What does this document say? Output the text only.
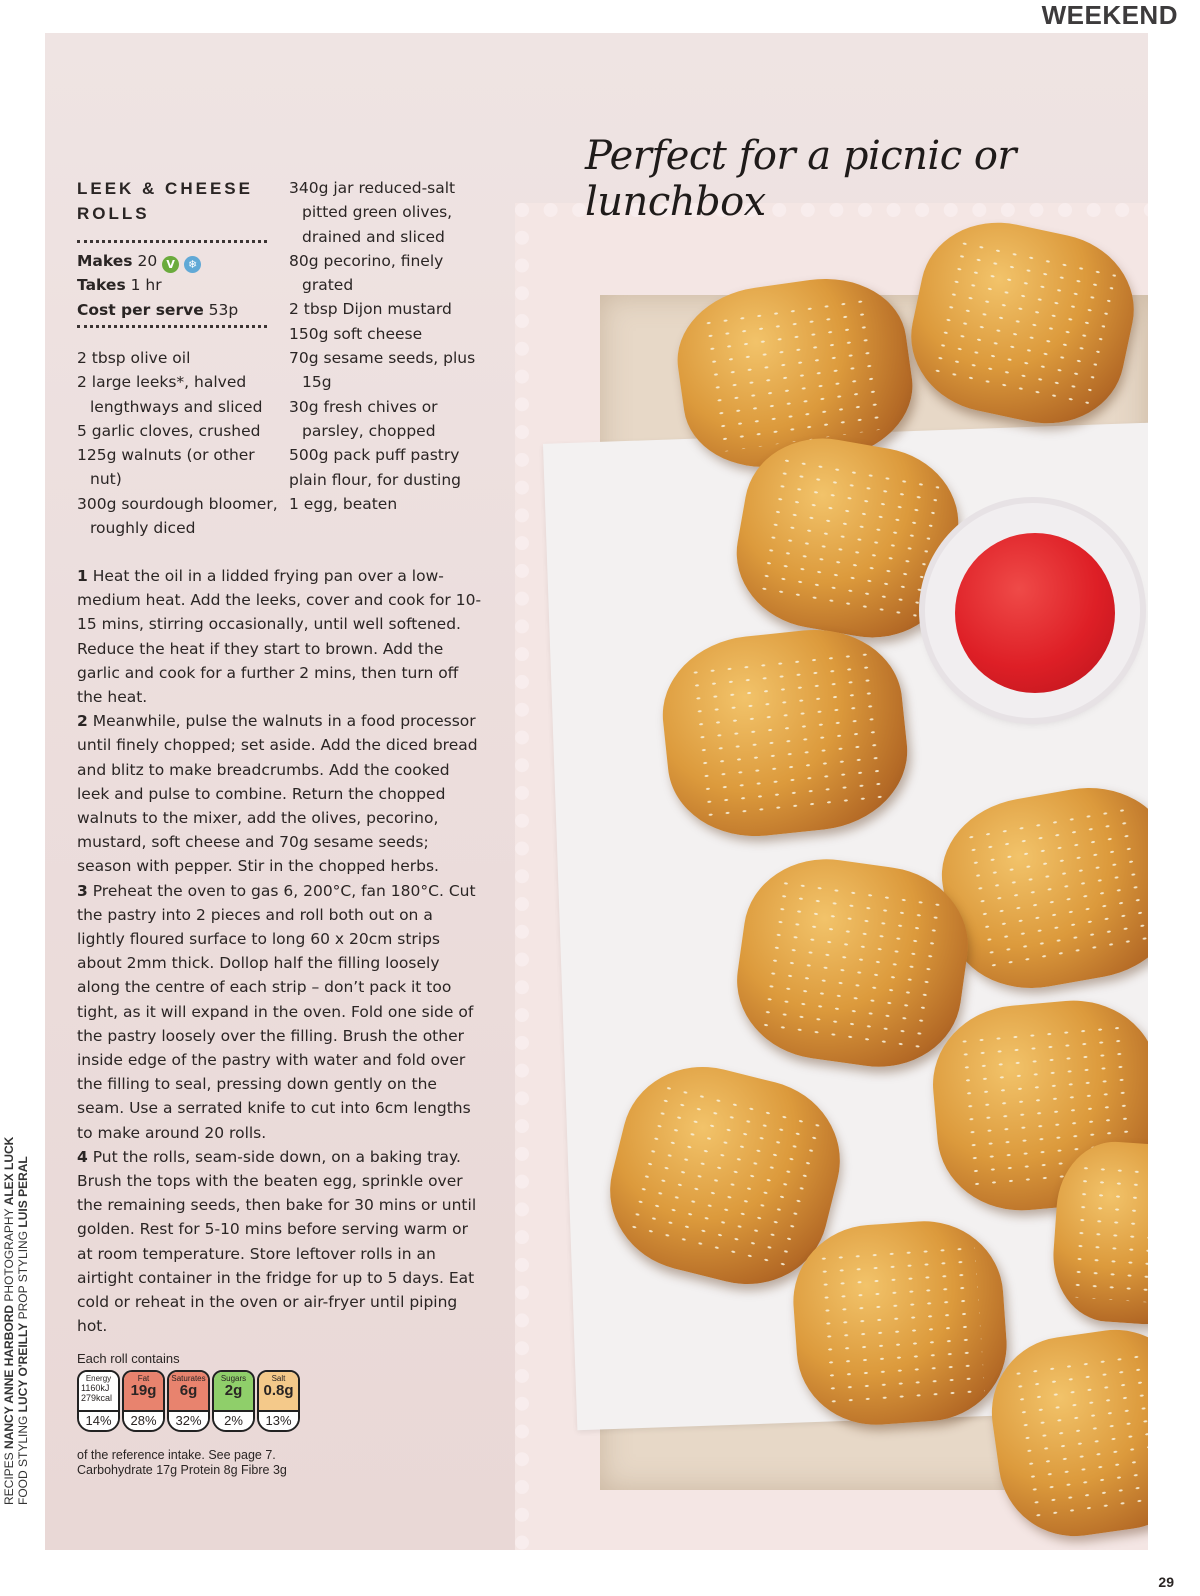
WEEKEND
Perfect for a picnic or lunchbox
LEEK & CHEESE
ROLLS
Makes 20 V ❄
Takes 1 hr
Cost per serve 53p
2 tbsp olive oil
2 large leeks*, halved lengthways and sliced
5 garlic cloves, crushed
125g walnuts (or other nut)
300g sourdough bloomer, roughly diced
340g jar reduced-salt pitted green olives, drained and sliced
80g pecorino, finely grated
2 tbsp Dijon mustard
150g soft cheese
70g sesame seeds, plus 15g
30g fresh chives or parsley, chopped
500g pack puff pastry
plain flour, for dusting
1 egg, beaten

1 Heat the oil in a lidded frying pan over a low-medium heat. Add the leeks, cover and cook for 10-15 mins, stirring occasionally, until well softened. Reduce the heat if they start to brown. Add the garlic and cook for a further 2 mins, then turn off the heat.

2 Meanwhile, pulse the walnuts in a food processor until finely chopped; set aside. Add the diced bread and blitz to make breadcrumbs. Add the cooked leek and pulse to combine. Return the chopped walnuts to the mixer, add the olives, pecorino, mustard, soft cheese and 70g sesame seeds; season with pepper. Stir in the chopped herbs.

3 Preheat the oven to gas 6, 200°C, fan 180°C. Cut the pastry into 2 pieces and roll both out on a lightly floured surface to long 60 x 20cm strips about 2mm thick. Dollop half the filling loosely along the centre of each strip – don’t pack it too tight, as it will expand in the oven. Fold one side of the pastry loosely over the filling. Brush the other inside edge of the pastry with water and fold over the filling to seal, pressing down gently on the seam. Use a serrated knife to cut into 6cm lengths to make around 20 rolls.

4 Put the rolls, seam-side down, on a baking tray. Brush the tops with the beaten egg, sprinkle over the remaining seeds, then bake for 30 mins or until golden. Rest for 5-10 mins before serving warm or at room temperature. Store leftover rolls in an airtight container in the fridge for up to 5 days. Eat cold or reheat in the oven or air-fryer until piping hot.

Each roll contains
Energy
1160kJ
279kcal
14%
Fat
19g
28%
Saturates
6g
32%
Sugars
2g
2%
Salt
0.8g
13%
of the reference intake. See page 7.
Carbohydrate 17g Protein 8g Fibre 3g
RECIPES NANCY ANNE HARBORD PHOTOGRAPHY ALEX LUCK
FOOD STYLING LUCY O'REILLY PROP STYLING LUIS PERAL
29
